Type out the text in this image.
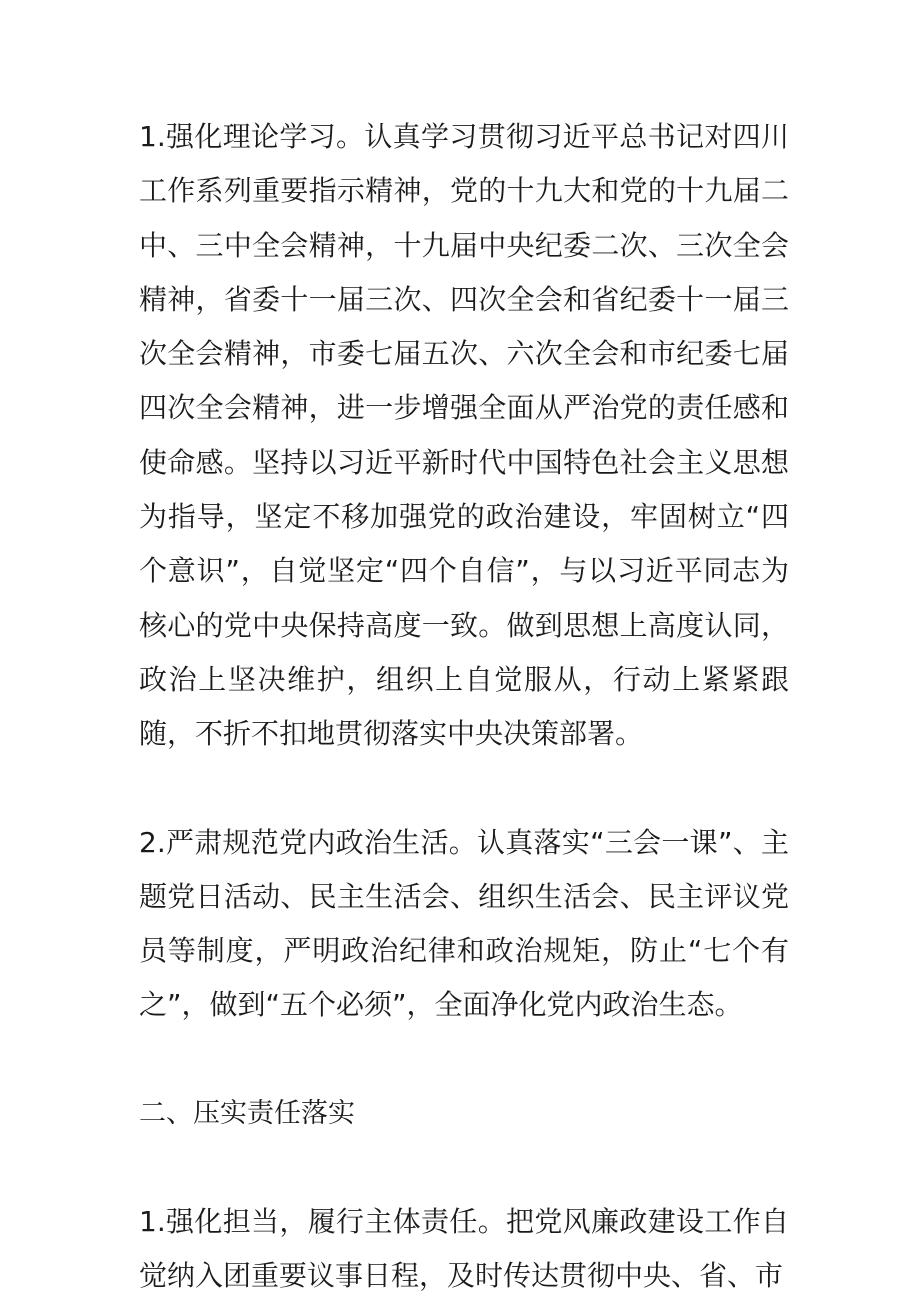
1.强化理论学习。认真学习贯彻习近平总书记对四川工作系列重要指示精神，党的十九大和党的十九届二中、三中全会精神，十九届中央纪委二次、三次全会精神，省委十一届三次、四次全会和省纪委十一届三次全会精神，市委七届五次、六次全会和市纪委七届四次全会精神，进一步增强全面从严治党的责任感和使命感。坚持以习近平新时代中国特色社会主义思想为指导，坚定不移加强党的政治建设，牢固树立“四个意识”，自觉坚定“四个自信”，与以习近平同志为核心的党中央保持高度一致。做到思想上高度认同，政治上坚决维护，组织上自觉服从，行动上紧紧跟随，不折不扣地贯彻落实中央决策部署。

2.严肃规范党内政治生活。认真落实“三会一课”、主题党日活动、民主生活会、组织生活会、民主评议党员等制度，严明政治纪律和政治规矩，防止“七个有之”，做到“五个必须”，全面净化党内政治生态。

二、压实责任落实

1.强化担当，履行主体责任。把党风廉政建设工作自觉纳入团重要议事日程，及时传达贯彻中央、省、市
